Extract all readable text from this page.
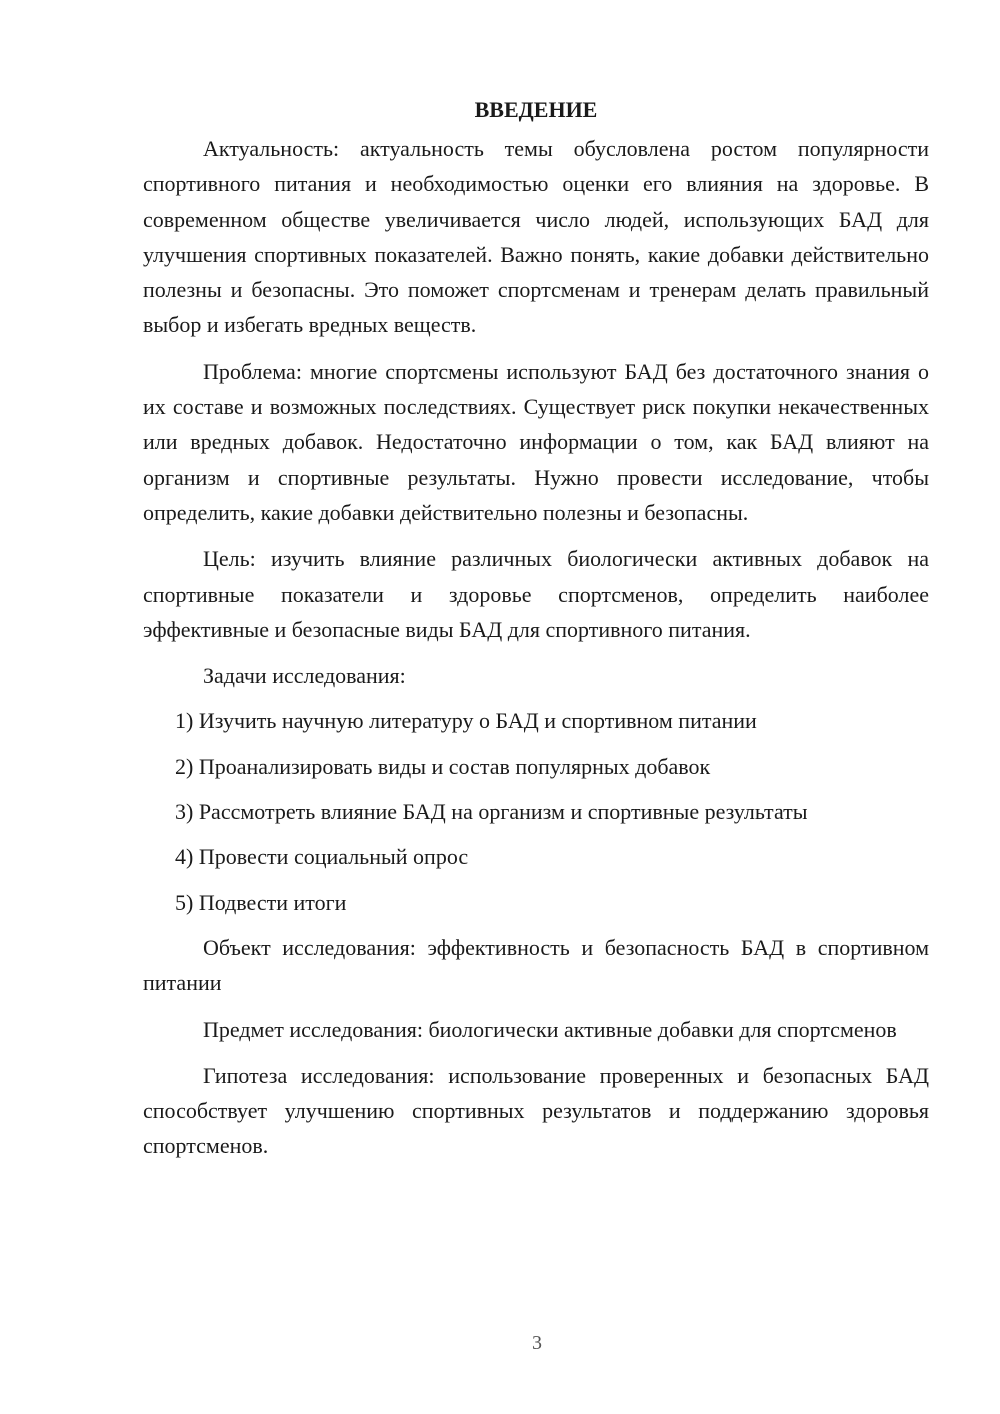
ВВЕДЕНИЕ

Актуальность: актуальность темы обусловлена ростом популярности спортивного питания и необходимостью оценки его влияния на здоровье. В современном обществе увеличивается число людей, использующих БАД для улучшения спортивных показателей. Важно понять, какие добавки действительно полезны и безопасны. Это поможет спортсменам и тренерам делать правильный выбор и избегать вредных веществ.

Проблема: многие спортсмены используют БАД без достаточного знания о их составе и возможных последствиях. Существует риск покупки некачественных или вредных добавок. Недостаточно информации о том, как БАД влияют на организм и спортивные результаты. Нужно провести исследование, чтобы определить, какие добавки действительно полезны и безопасны.

Цель: изучить влияние различных биологически активных добавок на спортивные показатели и здоровье спортсменов, определить наиболее эффективные и безопасные виды БАД для спортивного питания.

Задачи исследования:

1) Изучить научную литературу о БАД и спортивном питании
2) Проанализировать виды и состав популярных добавок
3) Рассмотреть влияние БАД на организм и спортивные результаты
4) Провести социальный опрос
5) Подвести итоги

Объект исследования: эффективность и безопасность БАД в спортивном питании

Предмет исследования: биологически активные добавки для спортсменов

Гипотеза исследования: использование проверенных и безопасных БАД способствует улучшению спортивных результатов и поддержанию здоровья спортсменов.

3
